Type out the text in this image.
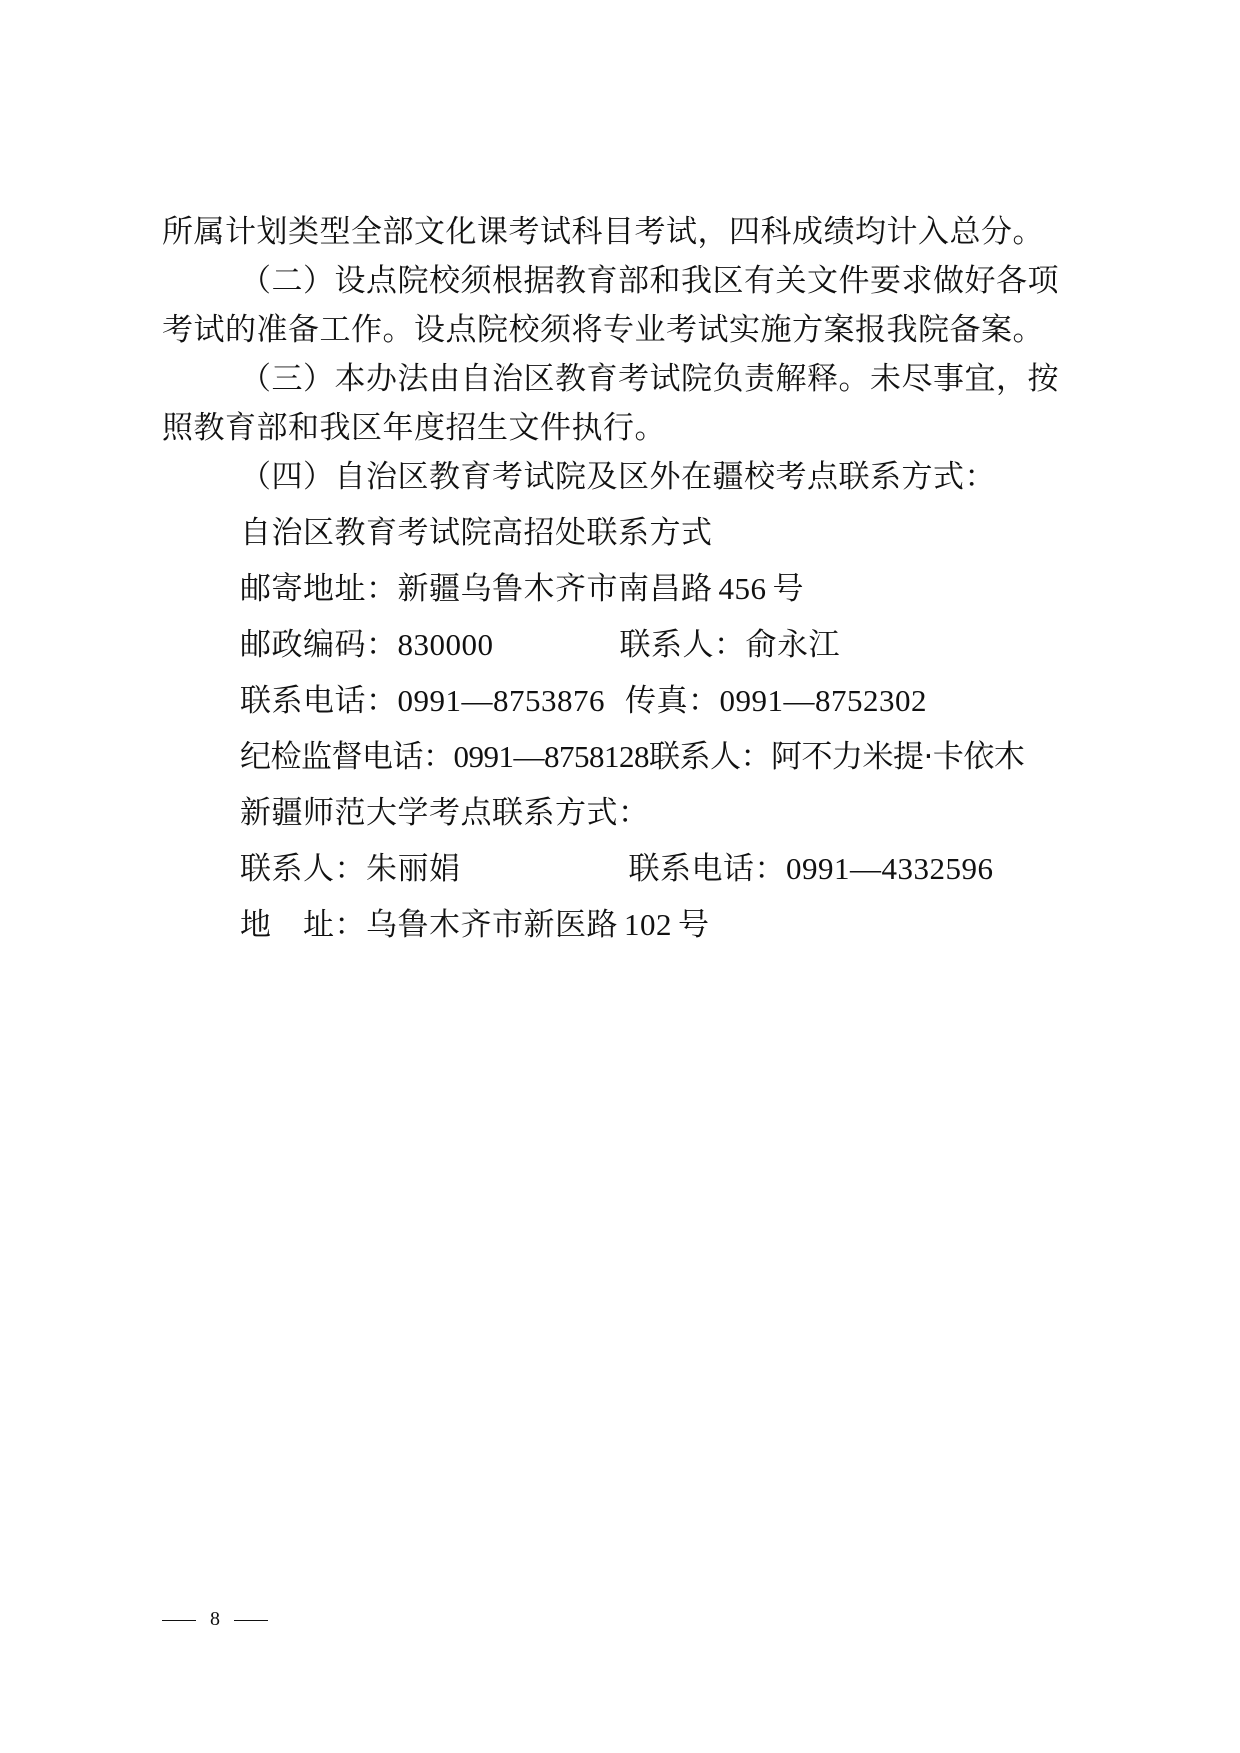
所属计划类型全部文化课考试科目考试，四科成绩均计入总分。
（二）设点院校须根据教育部和我区有关文件要求做好各项
考试的准备工作。设点院校须将专业考试实施方案报我院备案。
（三）本办法由自治区教育考试院负责解释。未尽事宜，按
照教育部和我区年度招生文件执行。
（四）自治区教育考试院及区外在疆校考点联系方式：
自治区教育考试院高招处联系方式
邮寄地址：新疆乌鲁木齐市南昌路 456 号
邮政编码：830000	联系人：俞永江
联系电话：0991—8753876 传真：0991—8752302
纪检监督电话：0991—8758128联系人：阿不力米提·卡依木
新疆师范大学考点联系方式：
联系人：朱丽娟	联系电话：0991—4332596
地　址：乌鲁木齐市新医路 102 号
8
